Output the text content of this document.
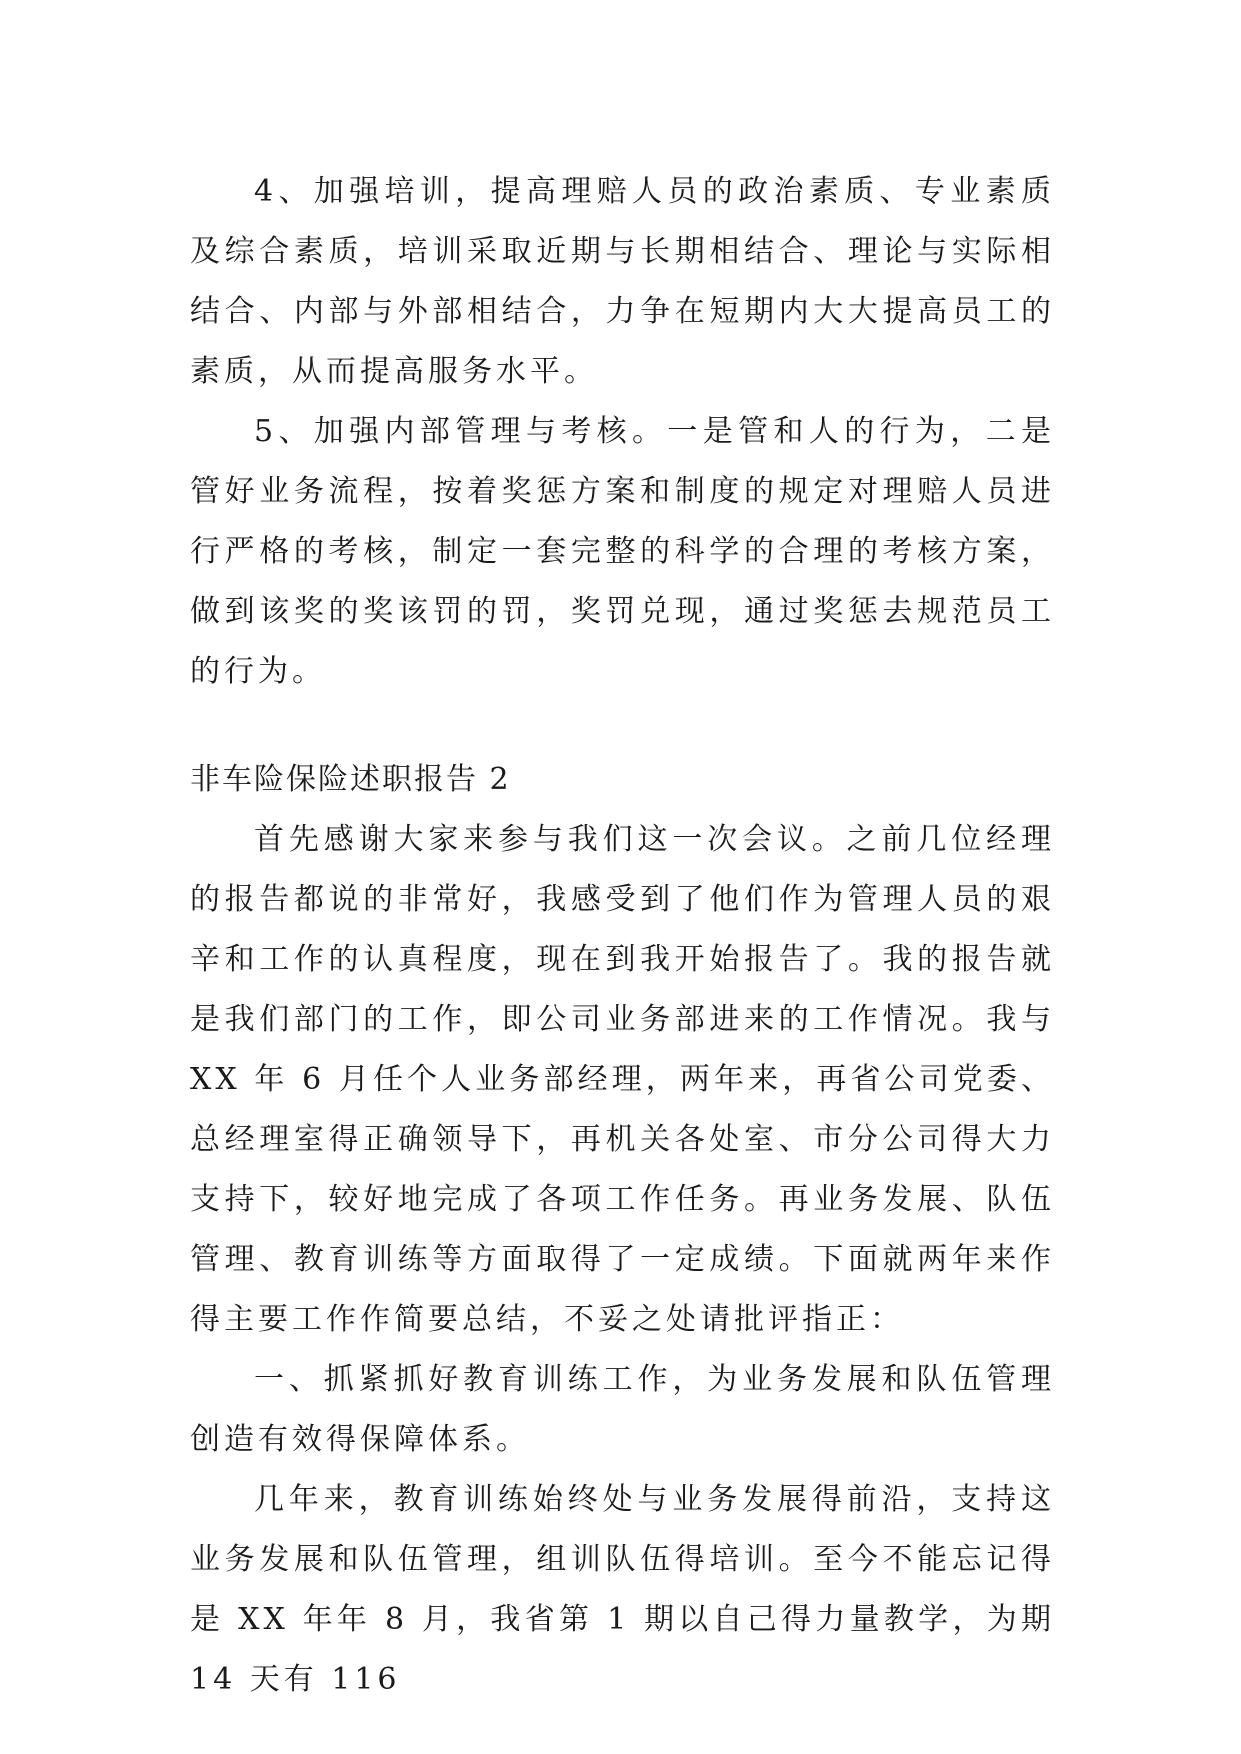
4、加强培训，提高理赔人员的政治素质、专业素质及综合素质，培训采取近期与长期相结合、理论与实际相结合、内部与外部相结合，力争在短期内大大提高员工的素质，从而提高服务水平。

5、加强内部管理与考核。一是管和人的行为，二是管好业务流程，按着奖惩方案和制度的规定对理赔人员进行严格的考核，制定一套完整的科学的合理的考核方案，做到该奖的奖该罚的罚，奖罚兑现，通过奖惩去规范员工的行为。

非车险保险述职报告 2

首先感谢大家来参与我们这一次会议。之前几位经理的报告都说的非常好，我感受到了他们作为管理人员的艰辛和工作的认真程度，现在到我开始报告了。我的报告就是我们部门的工作，即公司业务部进来的工作情况。我与 XX 年 6 月任个人业务部经理，两年来，再省公司党委、总经理室得正确领导下，再机关各处室、市分公司得大力支持下，较好地完成了各项工作任务。再业务发展、队伍管理、教育训练等方面取得了一定成绩。下面就两年来作得主要工作作简要总结，不妥之处请批评指正：

一、抓紧抓好教育训练工作，为业务发展和队伍管理创造有效得保障体系。

几年来，教育训练始终处与业务发展得前沿，支持这业务发展和队伍管理，组训队伍得培训。至今不能忘记得是 XX 年年 8 月，我省第 1 期以自己得力量教学，为期 14 天有 116
